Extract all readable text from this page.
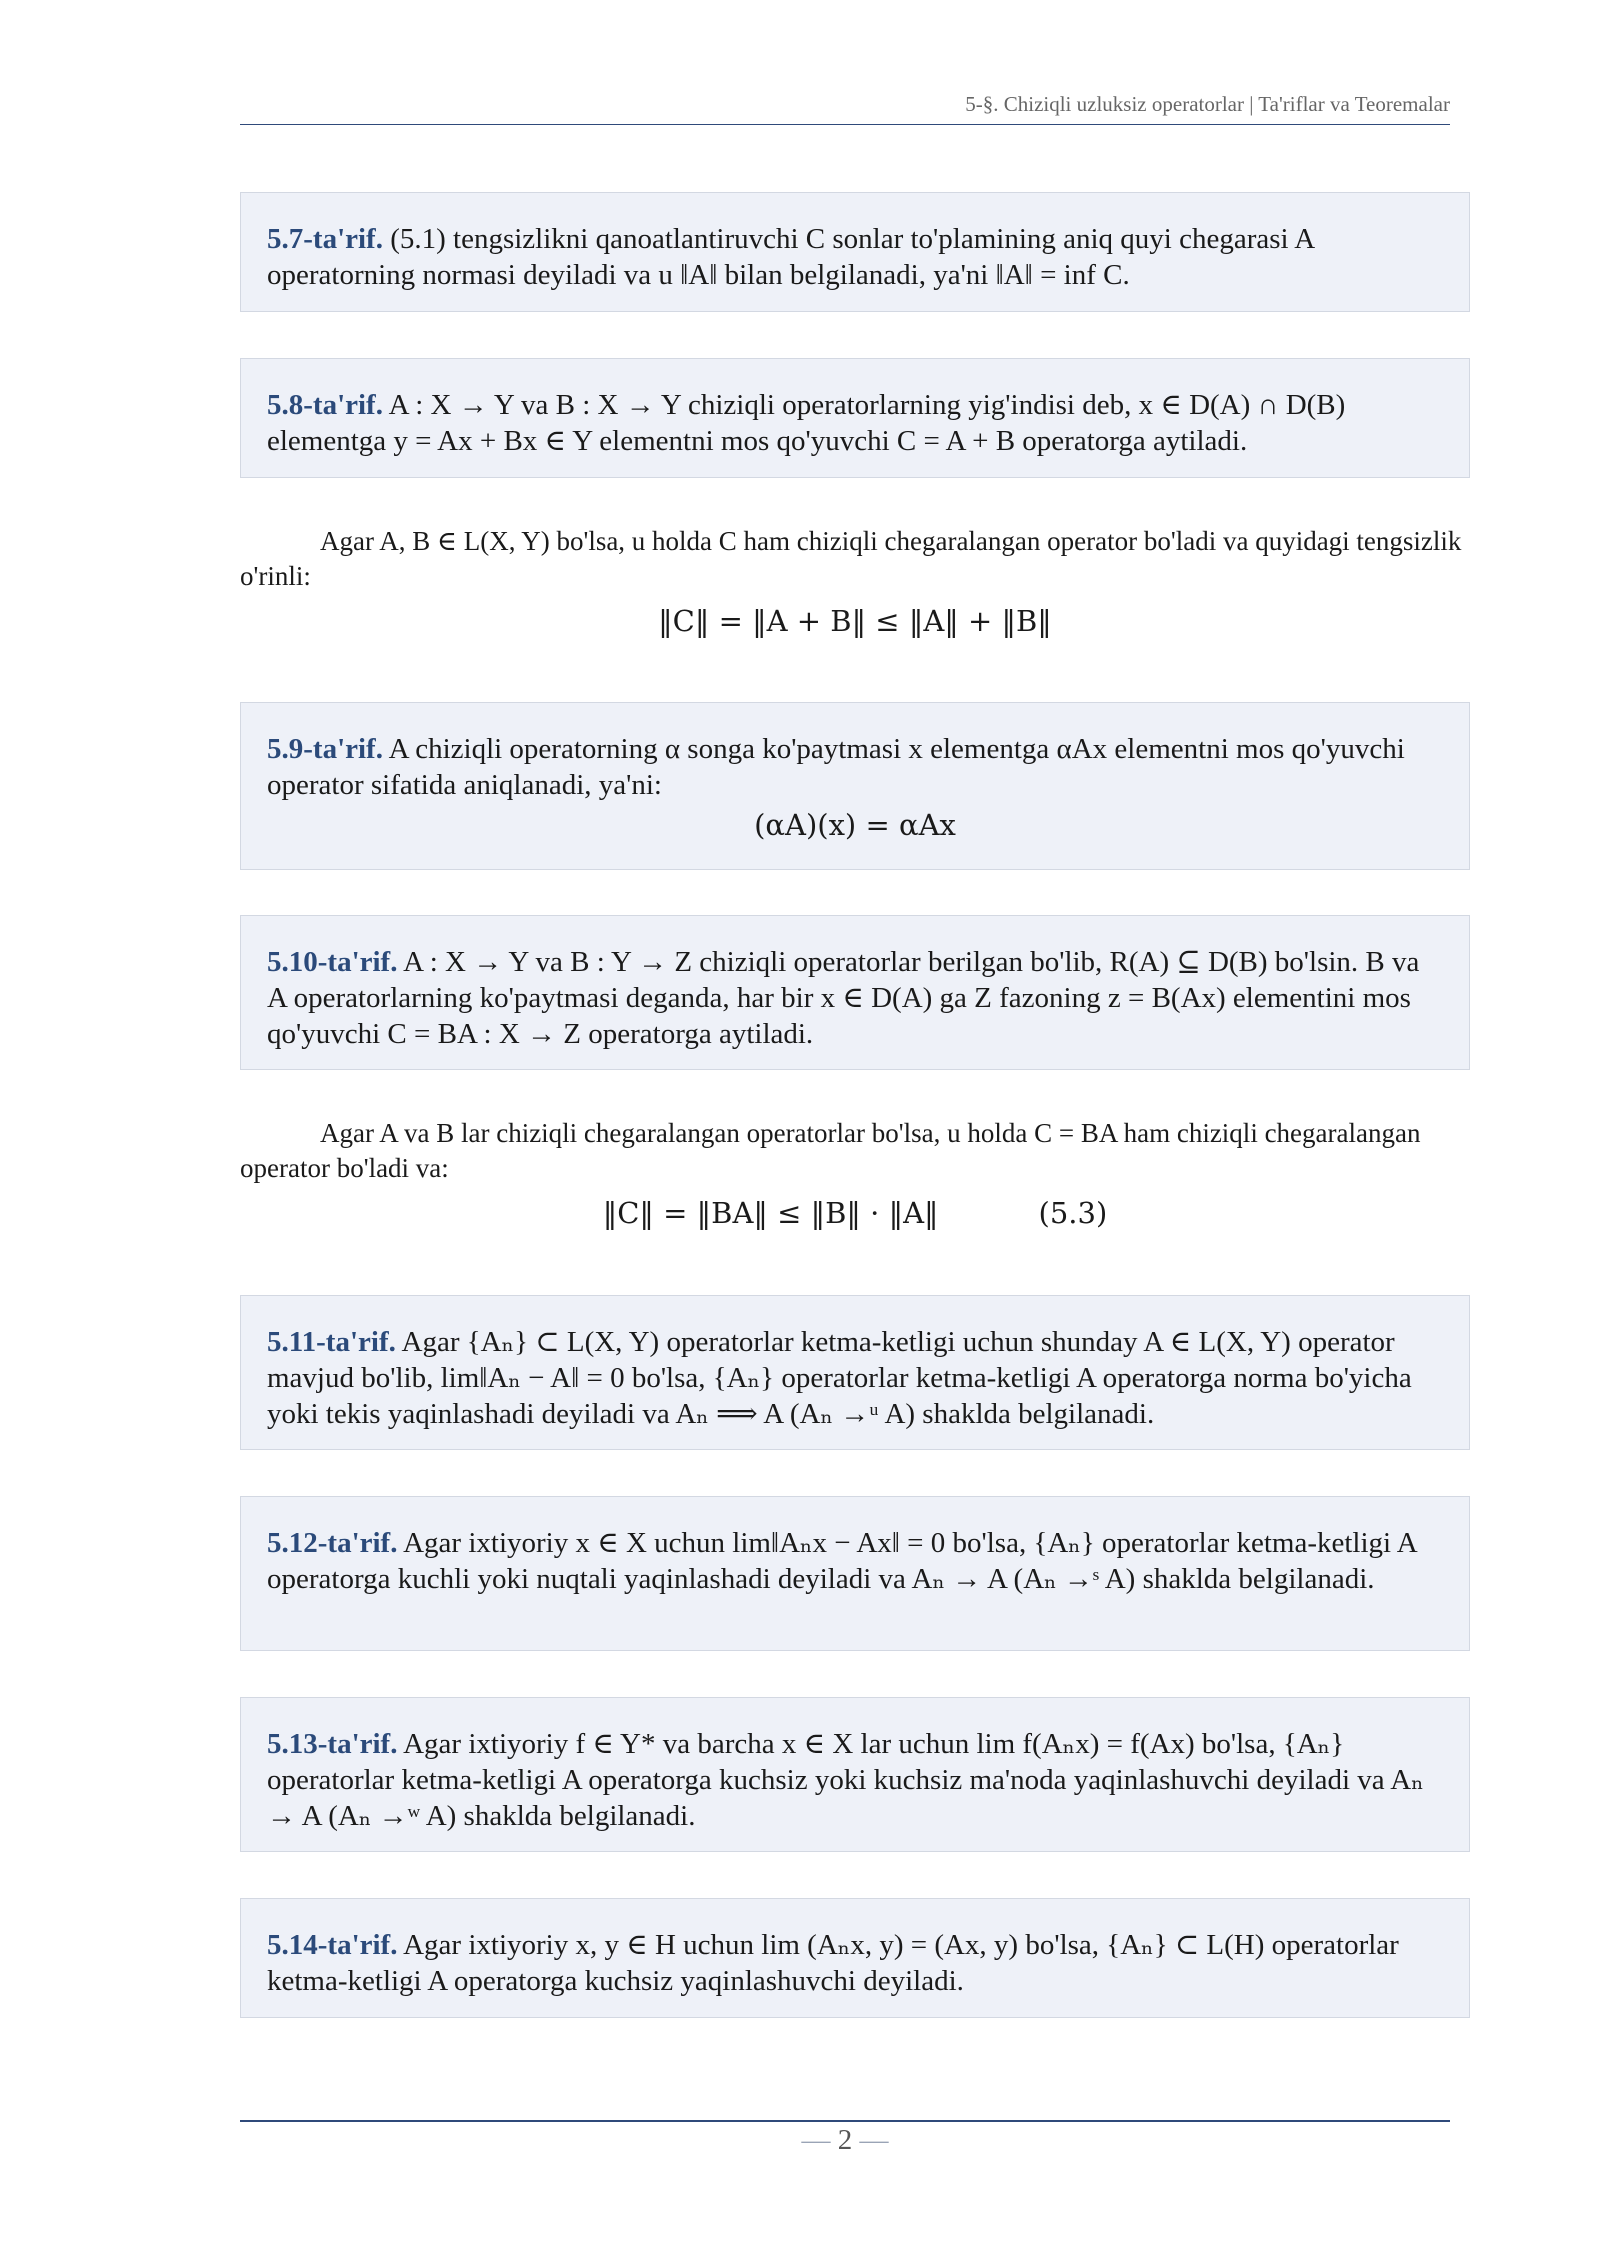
5-§. Chiziqli uzluksiz operatorlar | Ta'riflar va Teoremalar

5.7-ta'rif. (5.1) tengsizlikni qanoatlantiruvchi C sonlar to'plamining aniq quyi chegarasi A operatorning normasi deyiladi va u ‖A‖ bilan belgilanadi, ya'ni ‖A‖ = inf C.

5.8-ta'rif. A : X → Y va B : X → Y chiziqli operatorlarning yig'indisi deb, x ∈ D(A) ∩ D(B) elementga y = Ax + Bx ∈ Y elementni mos qo'yuvchi C = A + B operatorga aytiladi.

Agar A, B ∈ L(X, Y) bo'lsa, u holda C ham chiziqli chegaralangan operator bo'ladi va quyidagi tengsizlik o'rinli:
‖C‖ = ‖A + B‖ ≤ ‖A‖ + ‖B‖

5.9-ta'rif. A chiziqli operatorning α songa ko'paytmasi x elementga αAx elementni mos qo'yuvchi operator sifatida aniqlanadi, ya'ni:

(αA)(x) = αAx

5.10-ta'rif. A : X → Y va B : Y → Z chiziqli operatorlar berilgan bo'lib, R(A) ⊆ D(B) bo'lsin. B va A operatorlarning ko'paytmasi deganda, har bir x ∈ D(A) ga Z fazoning z = B(Ax) elementini mos qo'yuvchi C = BA : X → Z operatorga aytiladi.

Agar A va B lar chiziqli chegaralangan operatorlar bo'lsa, u holda C = BA ham chiziqli chegaralangan operator bo'ladi va:
‖C‖ = ‖BA‖ ≤ ‖B‖ · ‖A‖	(5.3)

5.11-ta'rif. Agar {Aₙ} ⊂ L(X, Y) operatorlar ketma-ketligi uchun shunday A ∈ L(X, Y) operator mavjud bo'lib, lim‖Aₙ − A‖ = 0 bo'lsa, {Aₙ} operatorlar ketma-ketligi A operatorga norma bo'yicha yoki tekis yaqinlashadi deyiladi va Aₙ ⟹ A (Aₙ →ᵘ A) shaklda belgilanadi.

5.12-ta'rif. Agar ixtiyoriy x ∈ X uchun lim‖Aₙx − Ax‖ = 0 bo'lsa, {Aₙ} operatorlar ketma-ketligi A operatorga kuchli yoki nuqtali yaqinlashadi deyiladi va Aₙ → A (Aₙ →ˢ A) shaklda belgilanadi.

5.13-ta'rif. Agar ixtiyoriy f ∈ Y* va barcha x ∈ X lar uchun lim f(Aₙx) = f(Ax) bo'lsa, {Aₙ} operatorlar ketma-ketligi A operatorga kuchsiz yoki kuchsiz ma'noda yaqinlashuvchi deyiladi va Aₙ → A (Aₙ →ʷ A) shaklda belgilanadi.

5.14-ta'rif. Agar ixtiyoriy x, y ∈ H uchun lim (Aₙx, y) = (Ax, y) bo'lsa, {Aₙ} ⊂ L(H) operatorlar ketma-ketligi A operatorga kuchsiz yaqinlashuvchi deyiladi.

— 2 —
